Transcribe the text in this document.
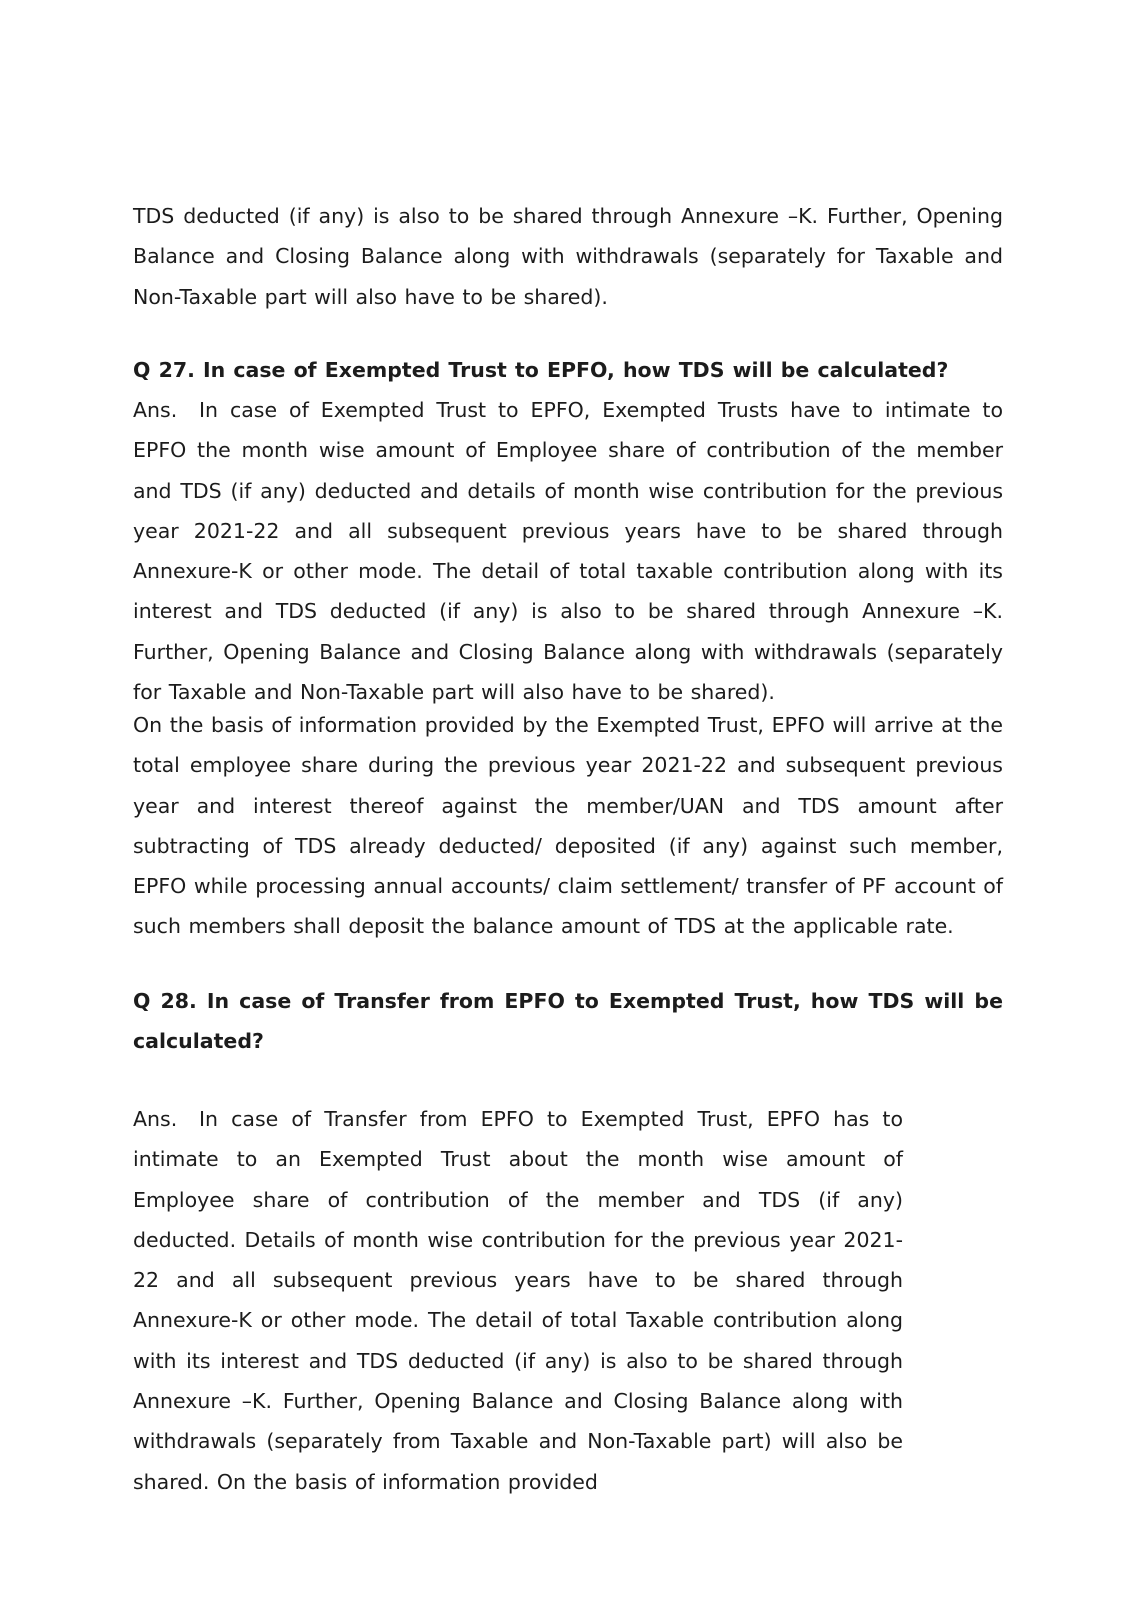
TDS deducted (if any) is also to be shared through Annexure –K. Further, Opening Balance and Closing Balance along with withdrawals (separately for Taxable and Non-Taxable part will also have to be shared).

Q 27. In case of Exempted Trust to EPFO, how TDS will be calculated?

Ans. In case of Exempted Trust to EPFO, Exempted Trusts have to intimate to EPFO the month wise amount of Employee share of contribution of the member and TDS (if any) deducted and details of month wise contribution for the previous year 2021-22 and all subsequent previous years have to be shared through Annexure-K or other mode. The detail of total taxable contribution along with its interest and TDS deducted (if any) is also to be shared through Annexure –K. Further, Opening Balance and Closing Balance along with withdrawals (separately for Taxable and Non-Taxable part will also have to be shared).

On the basis of information provided by the Exempted Trust, EPFO will arrive at the total employee share during the previous year 2021-22 and subsequent previous year and interest thereof against the member/UAN and TDS amount after subtracting of TDS already deducted/ deposited (if any) against such member, EPFO while processing annual accounts/ claim settlement/ transfer of PF account of such members shall deposit the balance amount of TDS at the applicable rate.

Q 28. In case of Transfer from EPFO to Exempted Trust, how TDS will be calculated?

Ans. In case of Transfer from EPFO to Exempted Trust, EPFO has to intimate to an Exempted Trust about the month wise amount of Employee share of contribution of the member and TDS (if any) deducted. Details of month wise contribution for the previous year 2021-22 and all subsequent previous years have to be shared through Annexure-K or other mode. The detail of total Taxable contribution along with its interest and TDS deducted (if any) is also to be shared through Annexure –K. Further, Opening Balance and Closing Balance along with withdrawals (separately from Taxable and Non-Taxable part) will also be shared. On the basis of information provided
